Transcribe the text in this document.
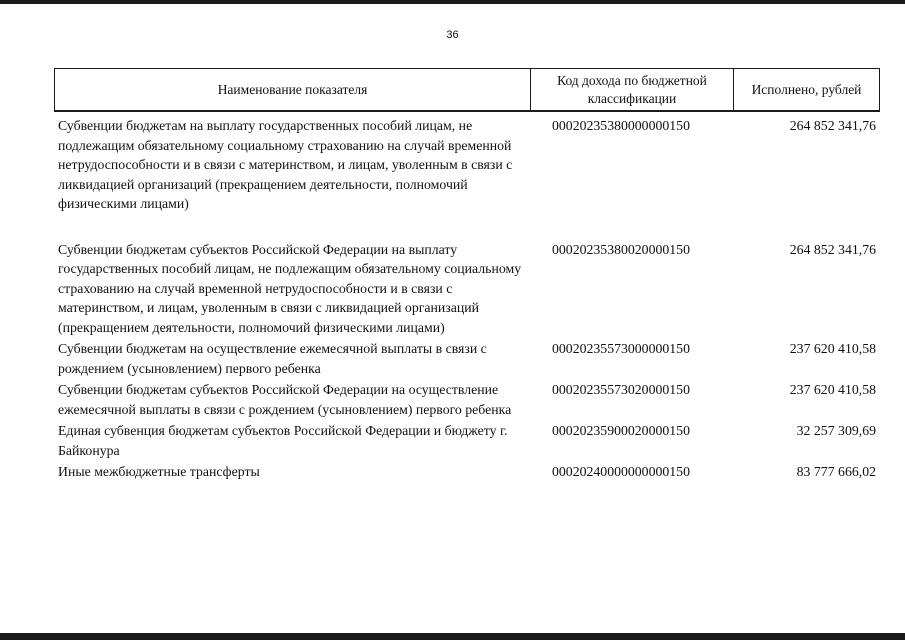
36
Наименование показателя
Код дохода по бюджетной классификации
Исполнено, рублей
Субвенции бюджетам на выплату государственных пособий лицам, не подлежащим обязательному социальному страхованию на случай временной нетрудоспособности и в связи с материнством, и лицам, уволенным в связи с ликвидацией организаций (прекращением деятельности, полномочий физическими лицами)
00020235380000000150	264 852 341,76
Субвенции бюджетам субъектов Российской Федерации на выплату государственных пособий лицам, не подлежащим обязательному социальному страхованию на случай временной нетрудоспособности и в связи с материнством, и лицам, уволенным в связи с ликвидацией организаций (прекращением деятельности, полномочий физическими лицами)
00020235380020000150	264 852 341,76
Субвенции бюджетам на осуществление ежемесячной выплаты в связи с рождением (усыновлением) первого ребенка
00020235573000000150	237 620 410,58
Субвенции бюджетам субъектов Российской Федерации на осуществление ежемесячной выплаты в связи с рождением (усыновлением) первого ребенка
00020235573020000150	237 620 410,58
Единая субвенция бюджетам субъектов Российской Федерации и бюджету г. Байконура
00020235900020000150	32 257 309,69
Иные межбюджетные трансферты	00020240000000000150	83 777 666,02
